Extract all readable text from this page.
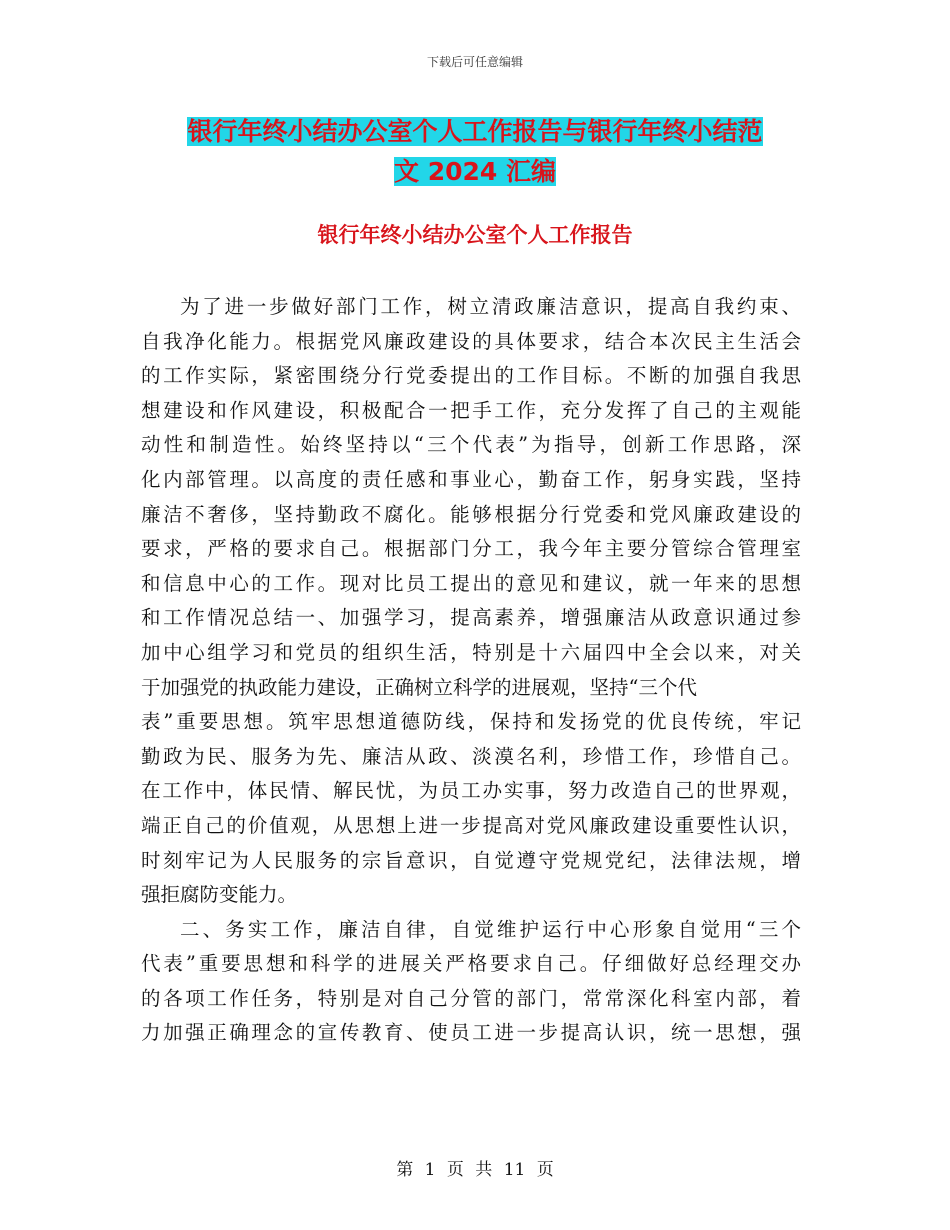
下载后可任意编辑
银行年终小结办公室个人工作报告与银行年终小结范
文 2024 汇编
银行年终小结办公室个人工作报告
为了进一步做好部门工作，树立清政廉洁意识，提高自我约束、
自我净化能力。根据党风廉政建设的具体要求，结合本次民主生活会
的工作实际，紧密围绕分行党委提出的工作目标。不断的加强自我思
想建设和作风建设，积极配合一把手工作，充分发挥了自己的主观能
动性和制造性。始终坚持以“三个代表”为指导，创新工作思路，深
化内部管理。以高度的责任感和事业心，勤奋工作，躬身实践，坚持
廉洁不奢侈，坚持勤政不腐化。能够根据分行党委和党风廉政建设的
要求，严格的要求自己。根据部门分工，我今年主要分管综合管理室
和信息中心的工作。现对比员工提出的意见和建议，就一年来的思想
和工作情况总结一、加强学习，提高素养，增强廉洁从政意识通过参
加中心组学习和党员的组织生活，特别是十六届四中全会以来，对关
于加强党的执政能力建设，正确树立科学的进展观，坚持“三个代
表”重要思想。筑牢思想道德防线，保持和发扬党的优良传统，牢记
勤政为民、服务为先、廉洁从政、淡漠名利，珍惜工作，珍惜自己。
在工作中，体民情、解民忧，为员工办实事，努力改造自己的世界观，
端正自己的价值观，从思想上进一步提高对党风廉政建设重要性认识，
时刻牢记为人民服务的宗旨意识，自觉遵守党规党纪，法律法规，增
强拒腐防变能力。
二、务实工作，廉洁自律，自觉维护运行中心形象自觉用“三个
代表”重要思想和科学的进展关严格要求自己。仔细做好总经理交办
的各项工作任务，特别是对自己分管的部门，常常深化科室内部，着
力加强正确理念的宣传教育、使员工进一步提高认识，统一思想，强
第 1 页 共 11 页
